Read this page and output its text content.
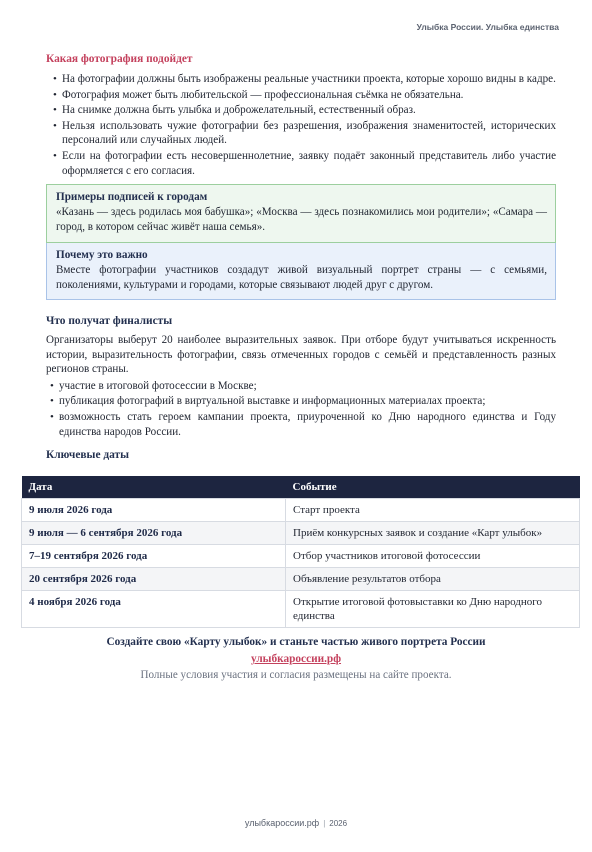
Улыбка России. Улыбка единства
Какая фотография подойдет
• На фотографии должны быть изображены реальные участники проекта, которые хорошо видны в кадре.
• Фотография может быть любительской — профессиональная съёмка не обязательна.
• На снимке должна быть улыбка и доброжелательный, естественный образ.
• Нельзя использовать чужие фотографии без разрешения, изображения знаменитостей, исторических персоналий или случайных людей.
• Если на фотографии есть несовершеннолетние, заявку подаёт законный представитель либо участие оформляется с его согласия.
Примеры подписей к городам

«Казань — здесь родилась моя бабушка»; «Москва — здесь познакомились мои родители»; «Самара — город, в котором сейчас живёт наша семья».

Почему это важно

Вместе фотографии участников создадут живой визуальный портрет страны — с семьями, поколениями, культурами и городами, которые связывают людей друг с другом.

Что получат финалисты

Организаторы выберут 20 наиболее выразительных заявок. При отборе будут учитываться искренность истории, выразительность фотографии, связь отмеченных городов с семьёй и представленность разных регионов страны.

• участие в итоговой фотосессии в Москве;
• публикация фотографий в виртуальной выставке и информационных материалах проекта;
• возможность стать героем кампании проекта, приуроченной ко Дню народного единства и Году единства народов России.
Ключевые даты
Дата	Событие
9 июля 2026 года	Старт проекта
9 июля — 6 сентября 2026 года	Приём конкурсных заявок и создание «Карт улыбок»
7–19 сентября 2026 года	Отбор участников итоговой фотосессии
20 сентября 2026 года	Объявление результатов отбора
4 ноября 2026 года	Открытие итоговой фотовыставки ко Дню народного единства
Создайте свою «Карту улыбок» и станьте частью живого портрета России
улыбкароссии.рф
Полные условия участия и согласия размещены на сайте проекта.
улыбкароссии.рф | 2026
